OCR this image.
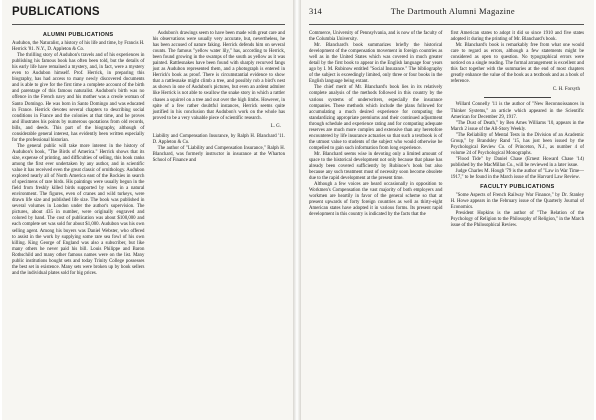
PUBLICATIONS
ALUMNI PUBLICATIONS

Audubon, the Naturalist, a history of his life and time, by Francis H. Herrick '81. N.Y., D. Appleton & Co.

The thrilling story of Audubon's travels and of his experiences in publishing his famous book has often been told, but the details of his early life have remained a mystery, and, in fact, were a mystery even to Audubon himself. Prof. Herrick, in preparing this biography, has had access to many newly discovered documents and is able to give for the first time a complete account of the birth and parentage of this famous naturalist. Audubon's birth was no offence in the French navy and his mother was a creole woman of Santo Domingo. He was born in Santo Domingo and was educated in France. Herrick devotes several chapters to describing social conditions in France and the colonies at that time, and he proves and illustrates his points by numerous quotations from old records, bills, and deeds. This part of the biography, although of considerable general interest, has evidently been written especially for the professional historian.

The general public will take more interest in the history of Audubon's book, "The Birds of America." Herrick shows that its size, expense of printing, and difficulties of selling, this book ranks among the first ever undertaken by any author, and in scientific value it has received even the great classic of ornithology. Audubon explored nearly all of North America east of the Rockies in search of specimens of rare birds. His paintings were usually begun in the field from freshly killed birds supported by wires in a natural environment. The figures, even of cranes and wild turkeys, were drawn life size and published life size. The book was published in several volumes in London under the author's supervision. The pictures, about 435 in number, were originally engraved and colored by hand. The cost of publication was about $100,000 and each complete set was sold for about $1,000. Audubon was his own selling agent. Among his buyers was Daniel Webster, who offered to assist in the work by supplying some rare sea fowl of his own killing. King George of England was also a subscriber, but like many others he never paid his bill. Louis Philippe and Baron Rothschild and many other famous names were on the list. Many public institutions bought sets and today Trinity College possesses the best set in existence. Many sets were broken up by book sellers and the individual plates sold for big prices.

Audubon's drawings seem to have been made with great care and his observations were usually very accurate, but, nevertheless, he has been accused of nature faking. Herrick defends him on several counts. The famous "yellow water lily," has, according to Herrick, been found growing in the swamps of the south as yellow as it was painted. Rattlesnakes have been found with sharply recurved fangs just as Audubon represented them, and a photograph is entered in Herrick's book as proof. There is circumstantial evidence to show that a rattlesnake might climb a tree, and possibly rob a bird's nest as shown in one of Audubon's pictures, but even an ardent admirer like Herrick is not able to swallow the snake story in which a rattler chases a squirrel on a tree and out over the high limbs. However, in spite of a few rather doubtful instances, Herrick seems quite justified in his conclusion that Audubon's work on the whole has proved to be a very valuable piece of scientific research.

L. G.

Liability and Compensation Insurance, by Ralph H. Blanchard '11. D. Appleton & Co.

The author of "Liability and Compensation Insurance," Ralph H. Blanchard, was formerly instructor in insurance at the Wharton School of Finance and

314	The Dartmouth Alumni Magazine

Commerce, University of Pennsylvania, and is now of the faculty of the Columbia University.

Mr. Blanchard's book summarizes briefly the historical development of the compensation movement in foreign countries as well as in the United States which was covered in much greater detail by the first book to appear in the English language four years ago by I. M. Rubinow entitled "Social Insurance." The bibliography of the subject is exceedingly limited, only three or four books in the English language being extant.

The chief merit of Mr. Blanchard's book lies in its relatively complete analysis of the methods followed in this country by the various systems of underwriters, especially the insurance companies. These methods which include the plans followed for accumulating a much desired experience for computing the standardizing appropriate premiums and their continued adjustment through schedule and experience rating and for computing adequate reserves are much more complex and extensive than any heretofore encountered by life insurance actuaries so that such a textbook is of the utmost value to students of the subject who would otherwise be compelled to gain such information from long experience.

Mr. Blanchard seems wise in devoting only a limited amount of space to the historical development not only because that phase has already been covered sufficiently by Rubinow's book but also because any such treatment must of necessity soon become obsolete due to the rapid development at the present time.

Although a few voices are heard occasionally in opposition to Workmen's Compensation the vast majority of both employers and workmen are heartily in favor of the general scheme so that at present upwards of forty foreign countries as well as thirty-eight American states have adopted it in various forms. Its present rapid development in this country is indicated by the facts that the

first American states to adopt it did so since 1910 and five states adopted it during the printing of Mr. Blanchard's book.

Mr. Blanchard's book is remarkably free from what one would care to regard as errors, although a few statements might be considered as open to question. No typographical errors were noticed on a single reading. The formal arrangement is excellent and this fact together with the summaries at the end of most chapters greatly enhance the value of the book as a textbook and as a book of reference.

C. H. Forsyth

Willard Connelly '11 is the author of "New Reconnoissances in Thinker Systems," an article which appeared in the Scientific American for December 29, 1917.

"The Dust of Death," by Ben Ames Williams '10, appears in the March 2 issue of the All-Story Weekly.

"The Reliability of Mental Tests in the Division of an Academic Group," by Brandsley Rand '15, has just been issued by the Psychological Review Co. of Princeton, N.J., as number 4 of volume 24 of Psychological Monographs.

"Flood Tide" by Daniel Chase (Ernest Howard Chase '14) published by the MacMillan Co., will be reviewed in a later issue.

Judge Charles M. Hough '79 is the author of "Law in War Time—1917," to be found in the March issue of the Harvard Law Review.

FACULTY PUBLICATIONS

"Some Aspects of French Railway War Finance," by Dr. Stanley H. Howe appears in the February issue of the Quarterly Journal of Economics.

President Hopkins is the author of "The Relation of the Psychology of Religion to the Philosophy of Religion," in the March issue of the Philosophical Review.
